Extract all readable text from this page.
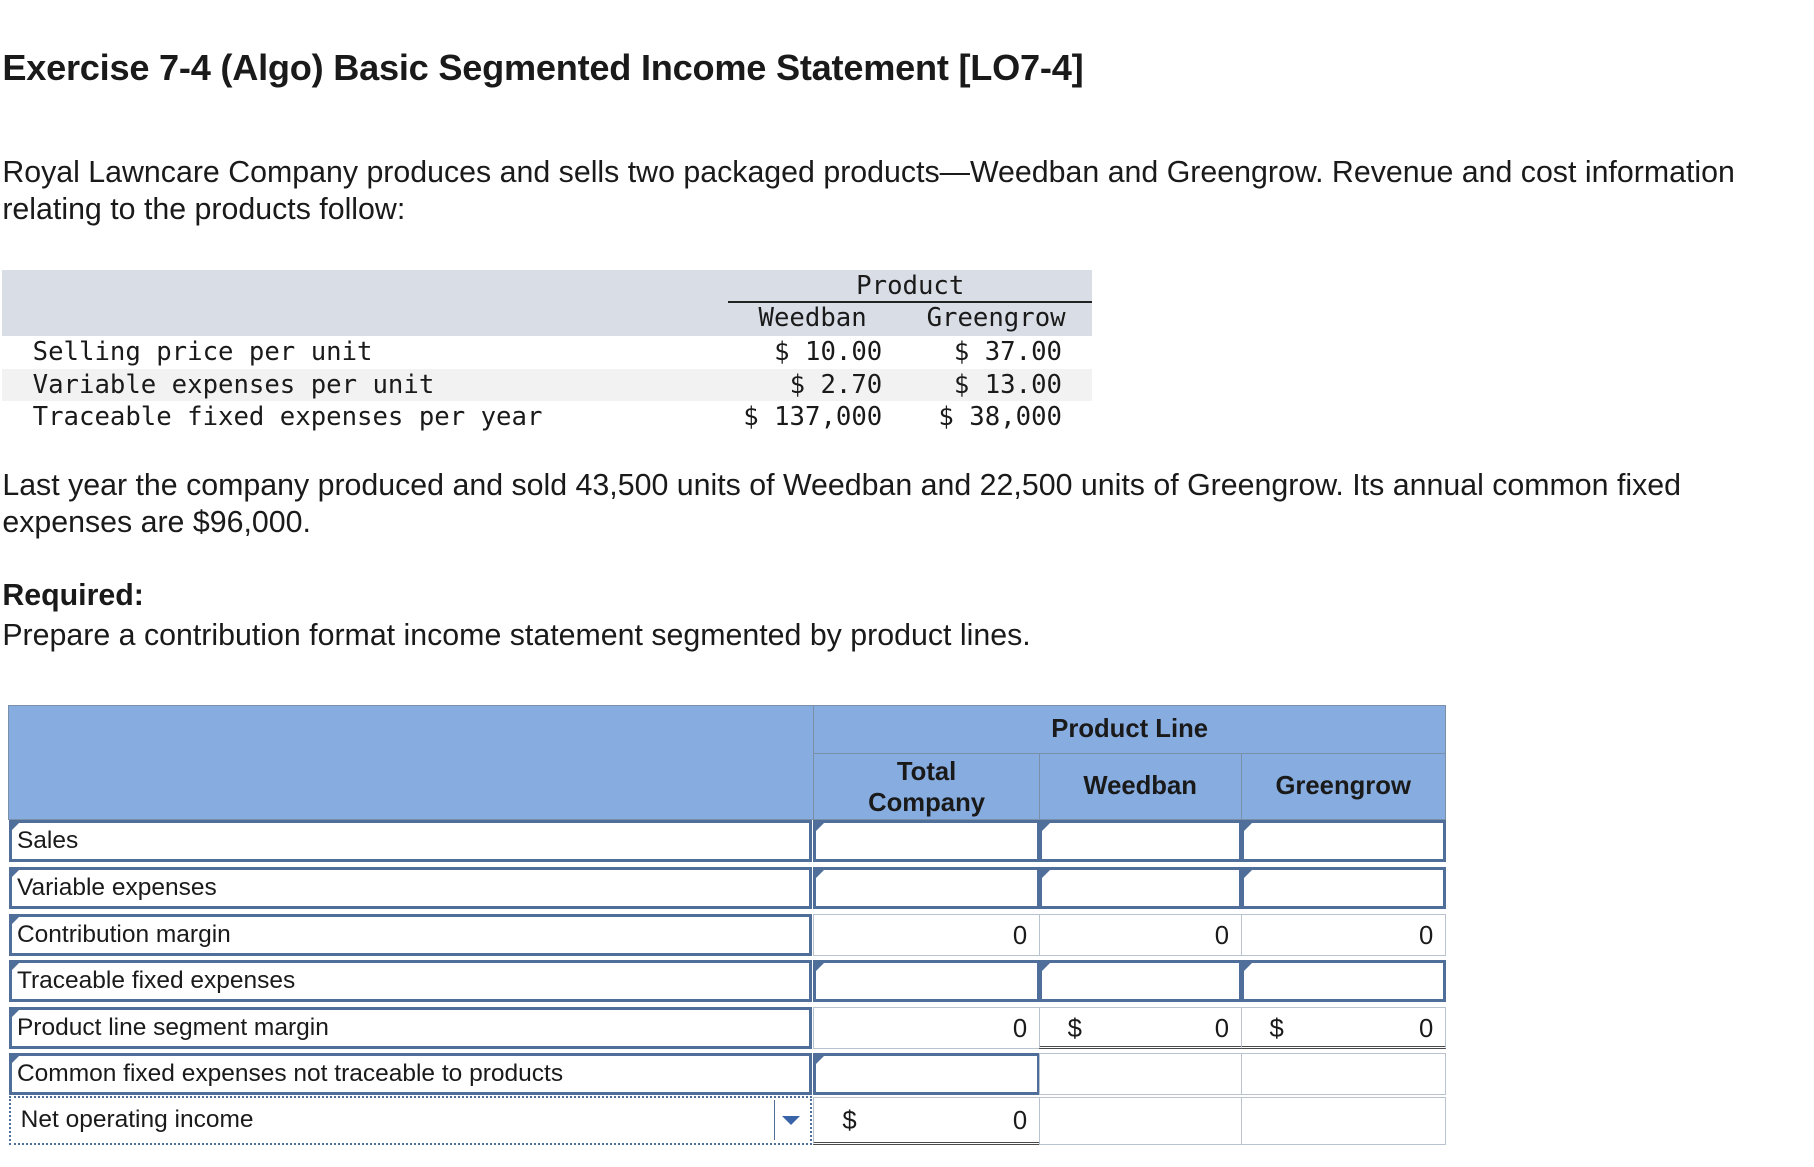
Exercise 7-4 (Algo) Basic Segmented Income Statement [LO7-4]
Royal Lawncare Company produces and sells two packaged products—Weedban and Greengrow. Revenue and cost information relating to the products follow:
Product
Weedban	Greengrow
Selling price per unit	$ 10.00	$ 37.00
Variable expenses per unit	$ 2.70	$ 13.00
Traceable fixed expenses per year	$ 137,000	$ 38,000
Last year the company produced and sold 43,500 units of Weedban and 22,500 units of Greengrow. Its annual common fixed expenses are $96,000.
Required:
Prepare a contribution format income statement segmented by product lines.
Product Line
Total
Company
Weedban	Greengrow
Sales
Variable expenses
Contribution margin	0	0	0
Traceable fixed expenses
Product line segment margin	0	$	0	$	0
Common fixed expenses not traceable to products
Net operating income	$	0
